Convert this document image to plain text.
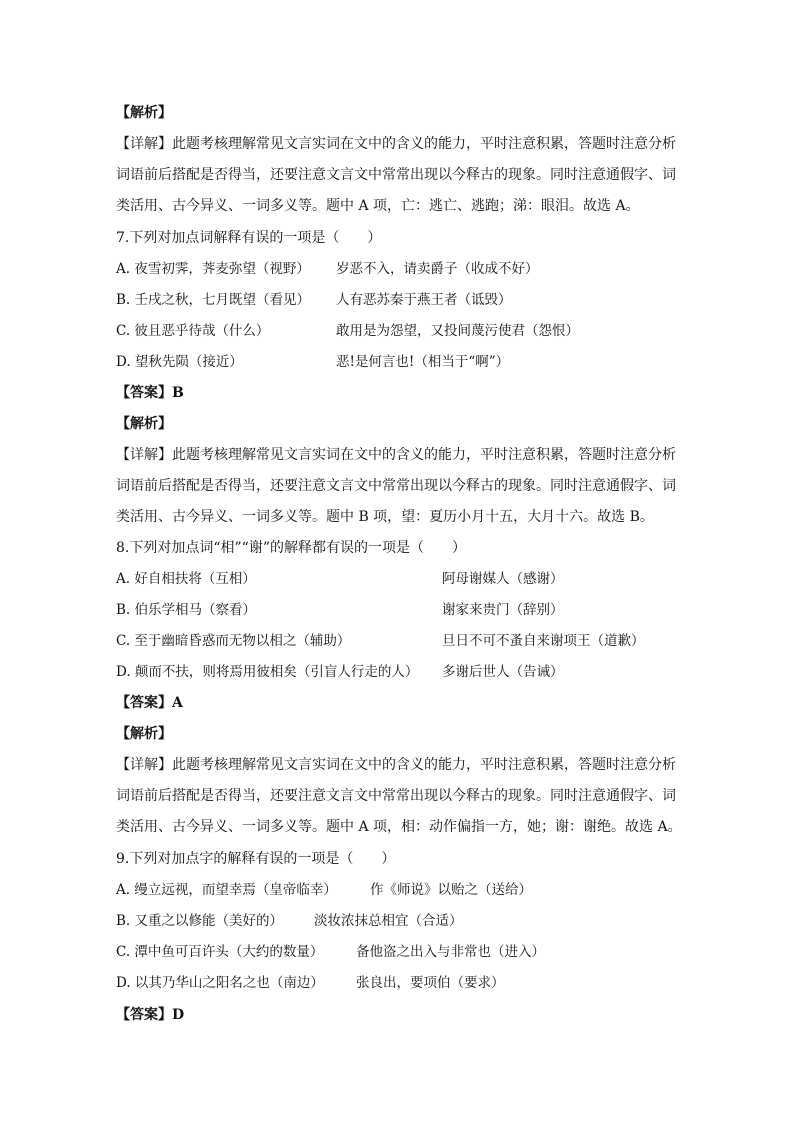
【解析】
【详解】此题考核理解常见文言实词在文中的含义的能力，平时注意积累，答题时注意分析
词语前后搭配是否得当，还要注意文言文中常常出现以今释古的现象。同时注意通假字、词
类活用、古今异义、一词多义等。题中 A 项，亡：逃亡、逃跑；涕：眼泪。故选 A。
7.下列对加点词解释有误的一项是（　　）
A. 夜雪初霁，荠麦弥望（视野） 岁恶不入，请卖爵子（收成不好）
B. 壬戌之秋，七月既望（看见） 人有恶苏秦于燕王者（诋毁）
C. 彼且恶乎待哉（什么）	敢用是为怨望，又投间蔑污使君（怨恨）
D. 望秋先陨（接近）	恶!是何言也!（相当于“啊”）
【答案】B
【解析】
【详解】此题考核理解常见文言实词在文中的含义的能力，平时注意积累，答题时注意分析
词语前后搭配是否得当，还要注意文言文中常常出现以今释古的现象。同时注意通假字、词
类活用、古今异义、一词多义等。题中 B 项，望：夏历小月十五，大月十六。故选 B。
8.下列对加点词“相”“谢”的解释都有误的一项是（　　）
A. 好自相扶将（互相）	阿母谢媒人（感谢）
B. 伯乐学相马（察看）	谢家来贵门（辞别）
C. 至于幽暗昏惑而无物以相之（辅助）	旦日不可不蚤自来谢项王（道歉）
D. 颠而不扶，则将焉用彼相矣（引盲人行走的人） 多谢后世人（告诫）
【答案】A
【解析】
【详解】此题考核理解常见文言实词在文中的含义的能力，平时注意积累，答题时注意分析
词语前后搭配是否得当，还要注意文言文中常常出现以今释古的现象。同时注意通假字、词
类活用、古今异义、一词多义等。题中 A 项，相：动作偏指一方，她；谢：谢绝。故选 A。
9.下列对加点字的解释有误的一项是（　　）
A. 缦立远视，而望幸焉（皇帝临幸） 作《师说》以贻之（送给）
B. 又重之以修能（美好的） 淡妆浓抹总相宜（合适）
C. 潭中鱼可百许头（大约的数量） 备他盗之出入与非常也（进入）
D. 以其乃华山之阳名之也（南边） 张良出，要项伯（要求）
【答案】D
